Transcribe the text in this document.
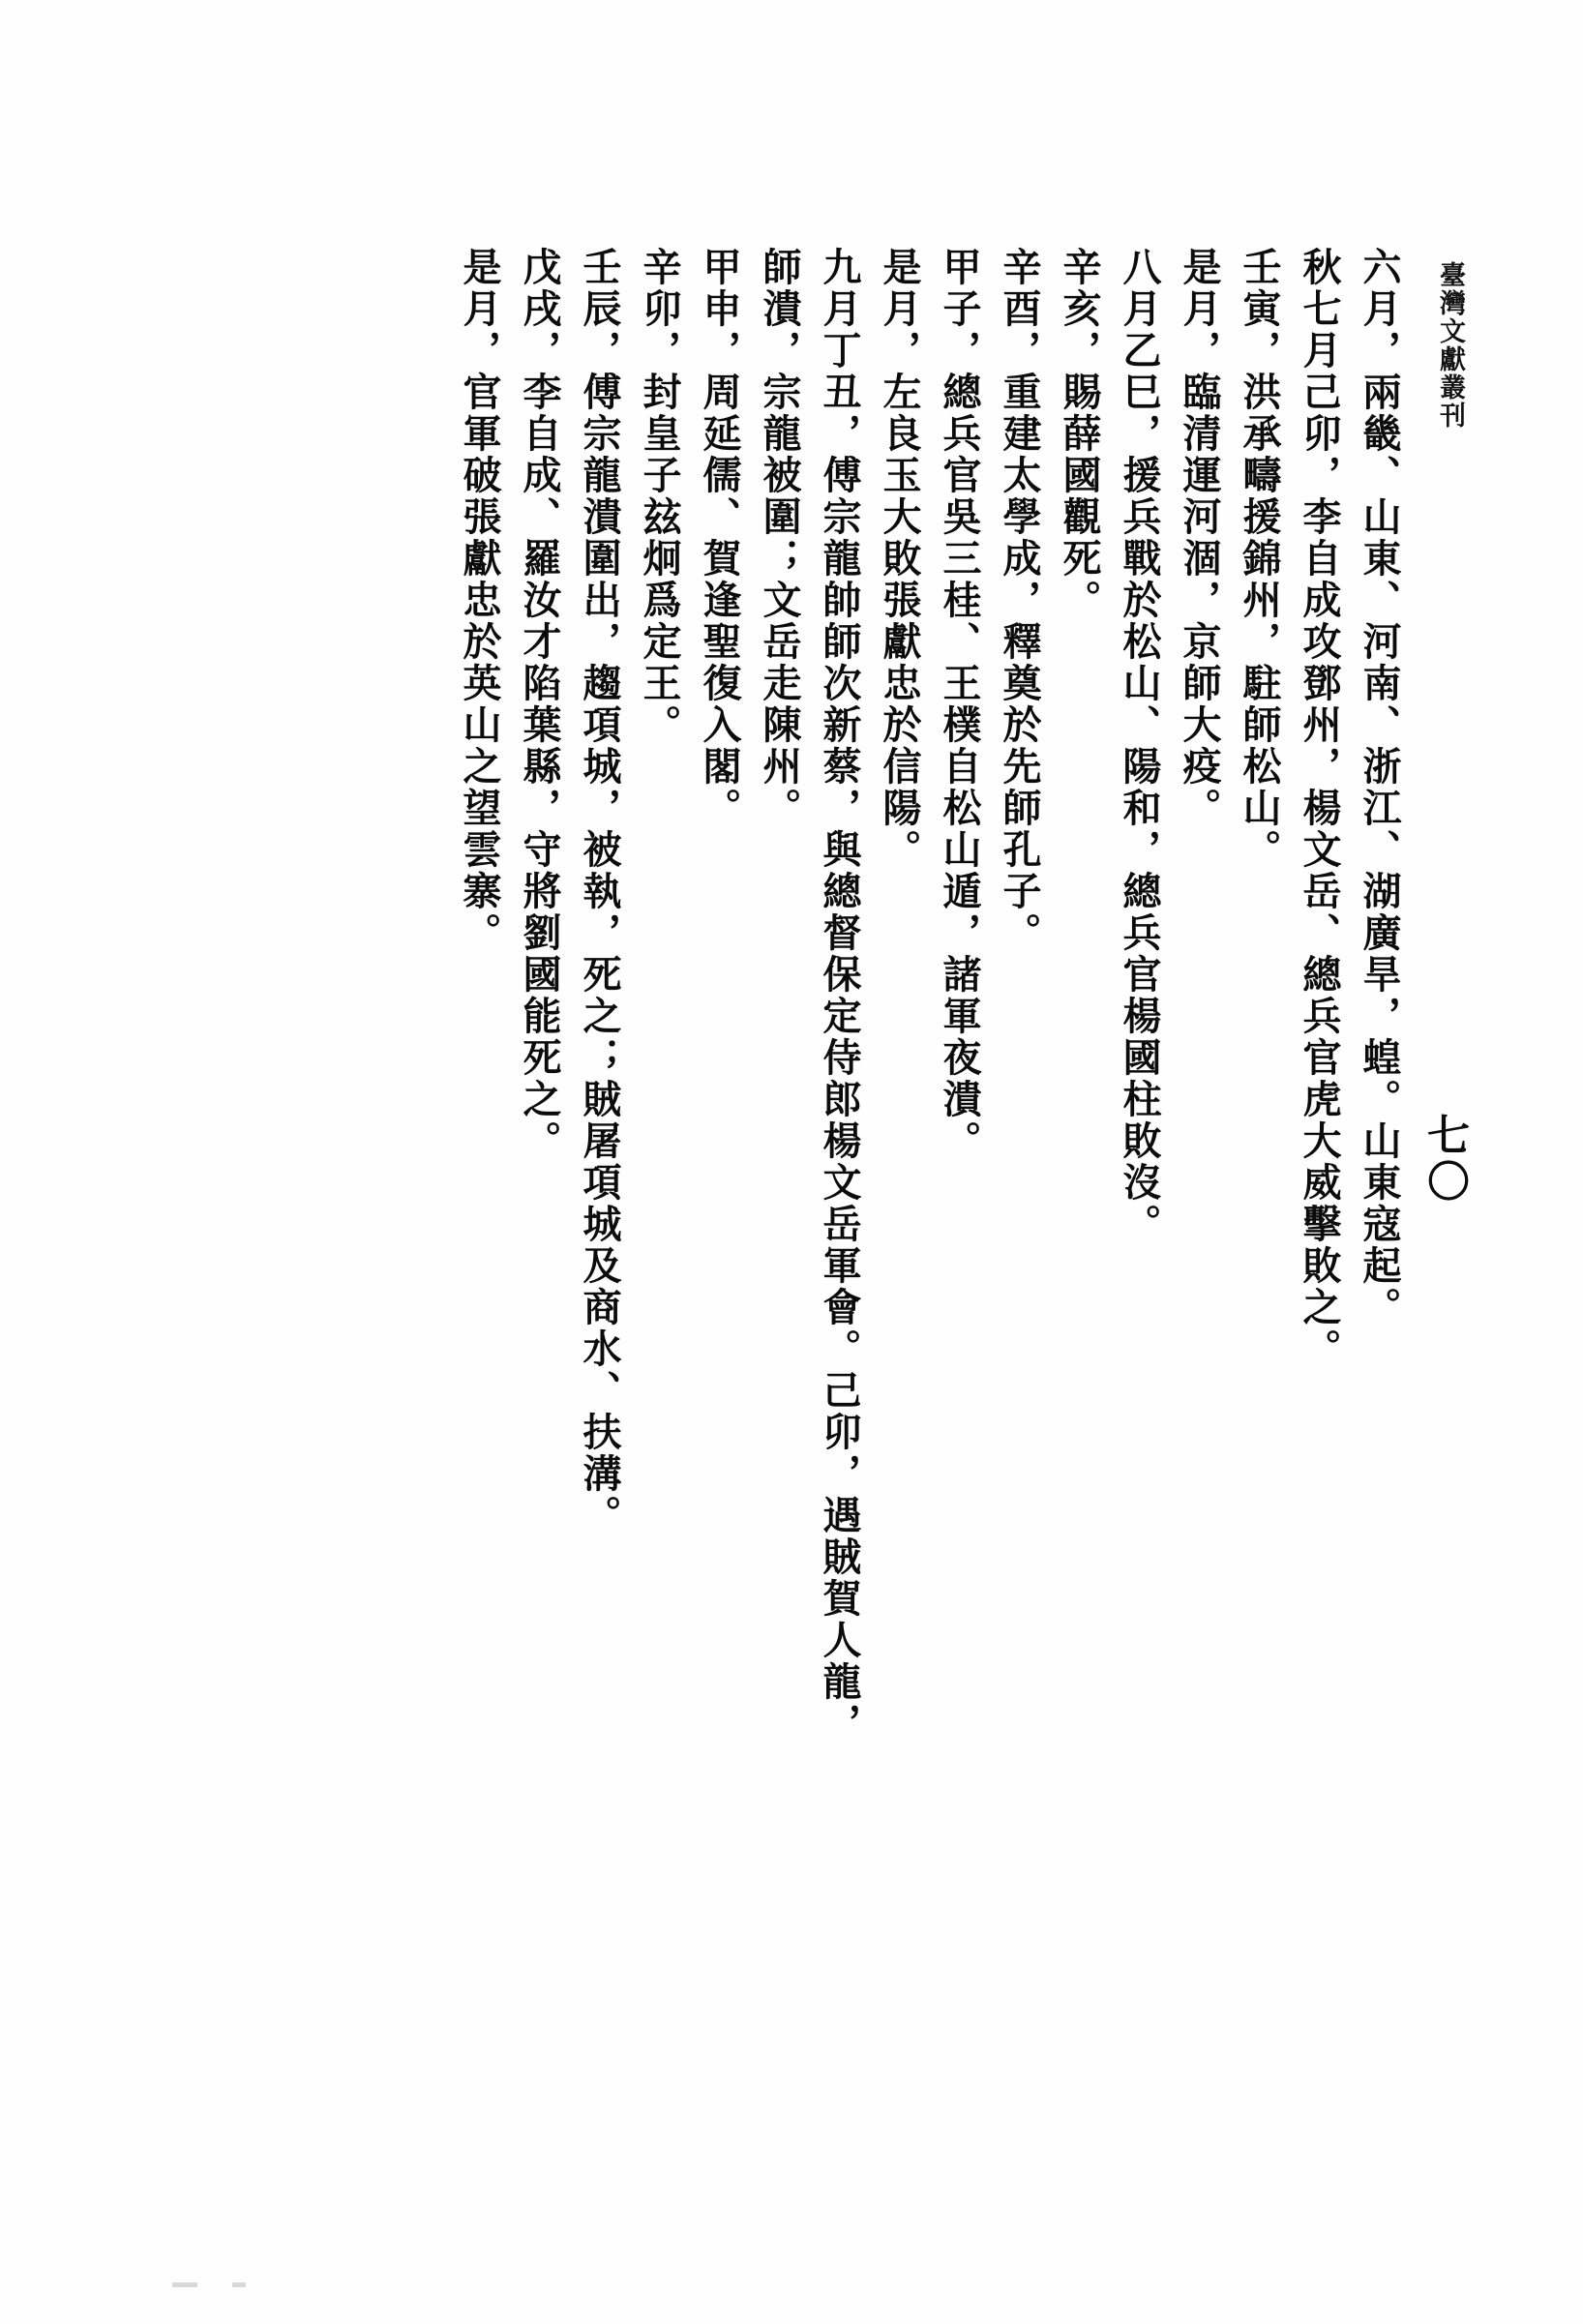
臺灣文獻叢刊
七〇
六月，兩畿、山東、河南、浙江、湖廣旱，蝗。山東寇起。
秋七月己卯，李自成攻鄧州，楊文岳、總兵官虎大威擊敗之。
壬寅，洪承疇援錦州，駐師松山。
是月，臨清運河涸，京師大疫。
八月乙巳，援兵戰於松山、陽和，總兵官楊國柱敗沒。
辛亥，賜薛國觀死。
辛酉，重建太學成，釋奠於先師孔子。
甲子，總兵官吳三桂、王樸自松山遁，諸軍夜潰。
是月，左良玉大敗張獻忠於信陽。
九月丁丑，傅宗龍帥師次新蔡，與總督保定侍郎楊文岳軍會。己卯，遇賊賀人龍，
師潰，宗龍被圍；文岳走陳州。
甲申，周延儒、賀逢聖復入閣。
辛卯，封皇子玆炯爲定王。
壬辰，傅宗龍潰圍出，趨項城，被執，死之；賊屠項城及商水、扶溝。
戊戌，李自成、羅汝才陷葉縣，守將劉國能死之。
是月，官軍破張獻忠於英山之望雲寨。
